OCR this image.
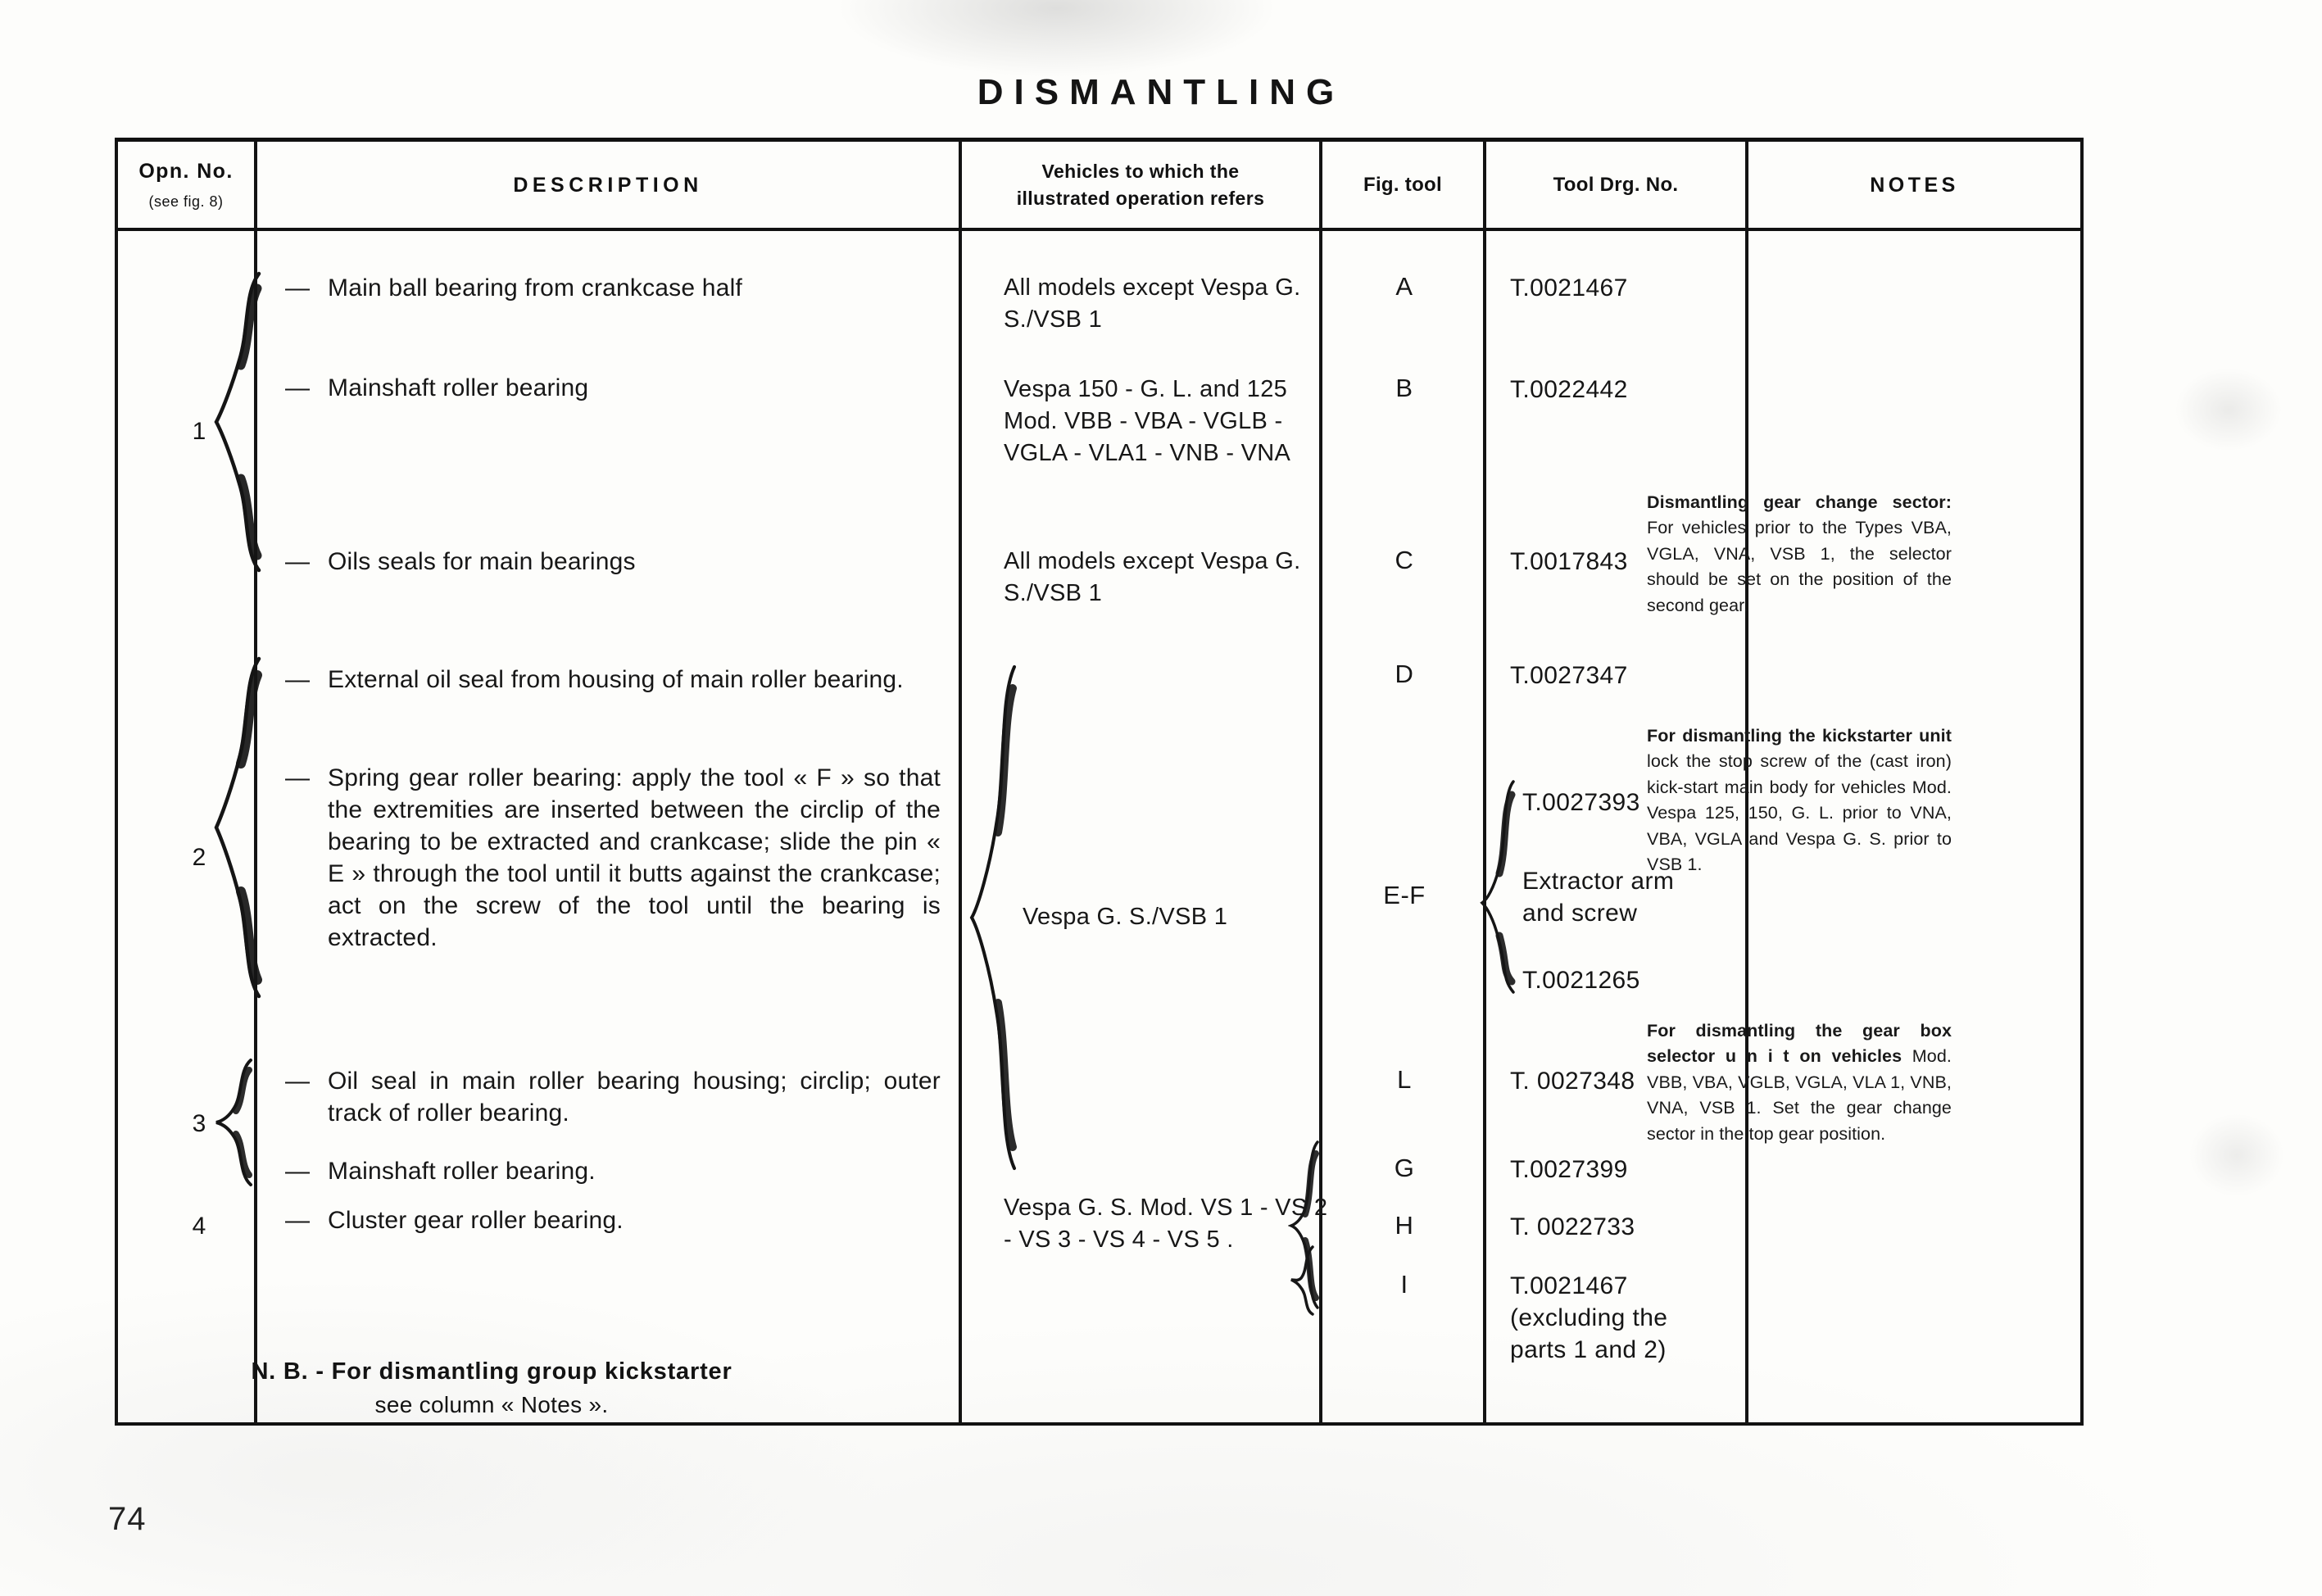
DISMANTLING
Opn. No.
(see fig. 8)
DESCRIPTION
Vehicles to which the
illustrated operation refers
Fig. tool	Tool Drg. No.	NOTES
1
2
3
4
— Main ball bearing from crankcase half
— Mainshaft roller bearing
— Oils seals for main bearings
— External oil seal from housing of main roller bearing.
— Spring gear roller bearing: apply the tool « F » so that the extremities are inserted between the circlip of the bearing to be extracted and crankcase; slide the pin « E » through the tool until it butts against the crankcase; act on the screw of the tool until the bearing is extracted.
— Oil seal in main roller bearing housing; circlip; outer track of roller bearing.
— Mainshaft roller bearing.
— Cluster gear roller bearing.
N. B. - For dismantling group kickstarter
see column « Notes ».
All models except Vespa G. S./VSB 1
Vespa 150 - G. L. and 125 Mod. VBB - VBA - VGLB - VGLA - VLA1 - VNB - VNA
All models except Vespa G. S./VSB 1
Vespa G. S./VSB 1
Vespa G. S. Mod. VS 1 - VS 2 - VS 3 - VS 4 - VS 5 .
A
B
C
D
E-F
L
G
H
I
T.0021467
T.0022442
T.0017843
T.0027347
T.0027393
Extractor arm and screw
T.0021265
T. 0027348
T.0027399
T. 0022733
T.0021467 (excluding the parts 1 and 2)
Dismantling gear change sector: For vehicles prior to the Types VBA, VGLA, VNA, VSB 1, the selector should be set on the position of the second gear.
For dismantling the kickstarter unit lock the stop screw of the (cast iron) kick-start main body for vehicles Mod. Vespa 125, 150, G. L. prior to VNA, VBA, VGLA and Vespa G. S. prior to VSB 1.
For dismantling the gear box selector u n i t on vehicles Mod. VBB, VBA, VGLB, VGLA, VLA 1, VNB, VNA, VSB 1. Set the gear change sector in the top gear position.
74
